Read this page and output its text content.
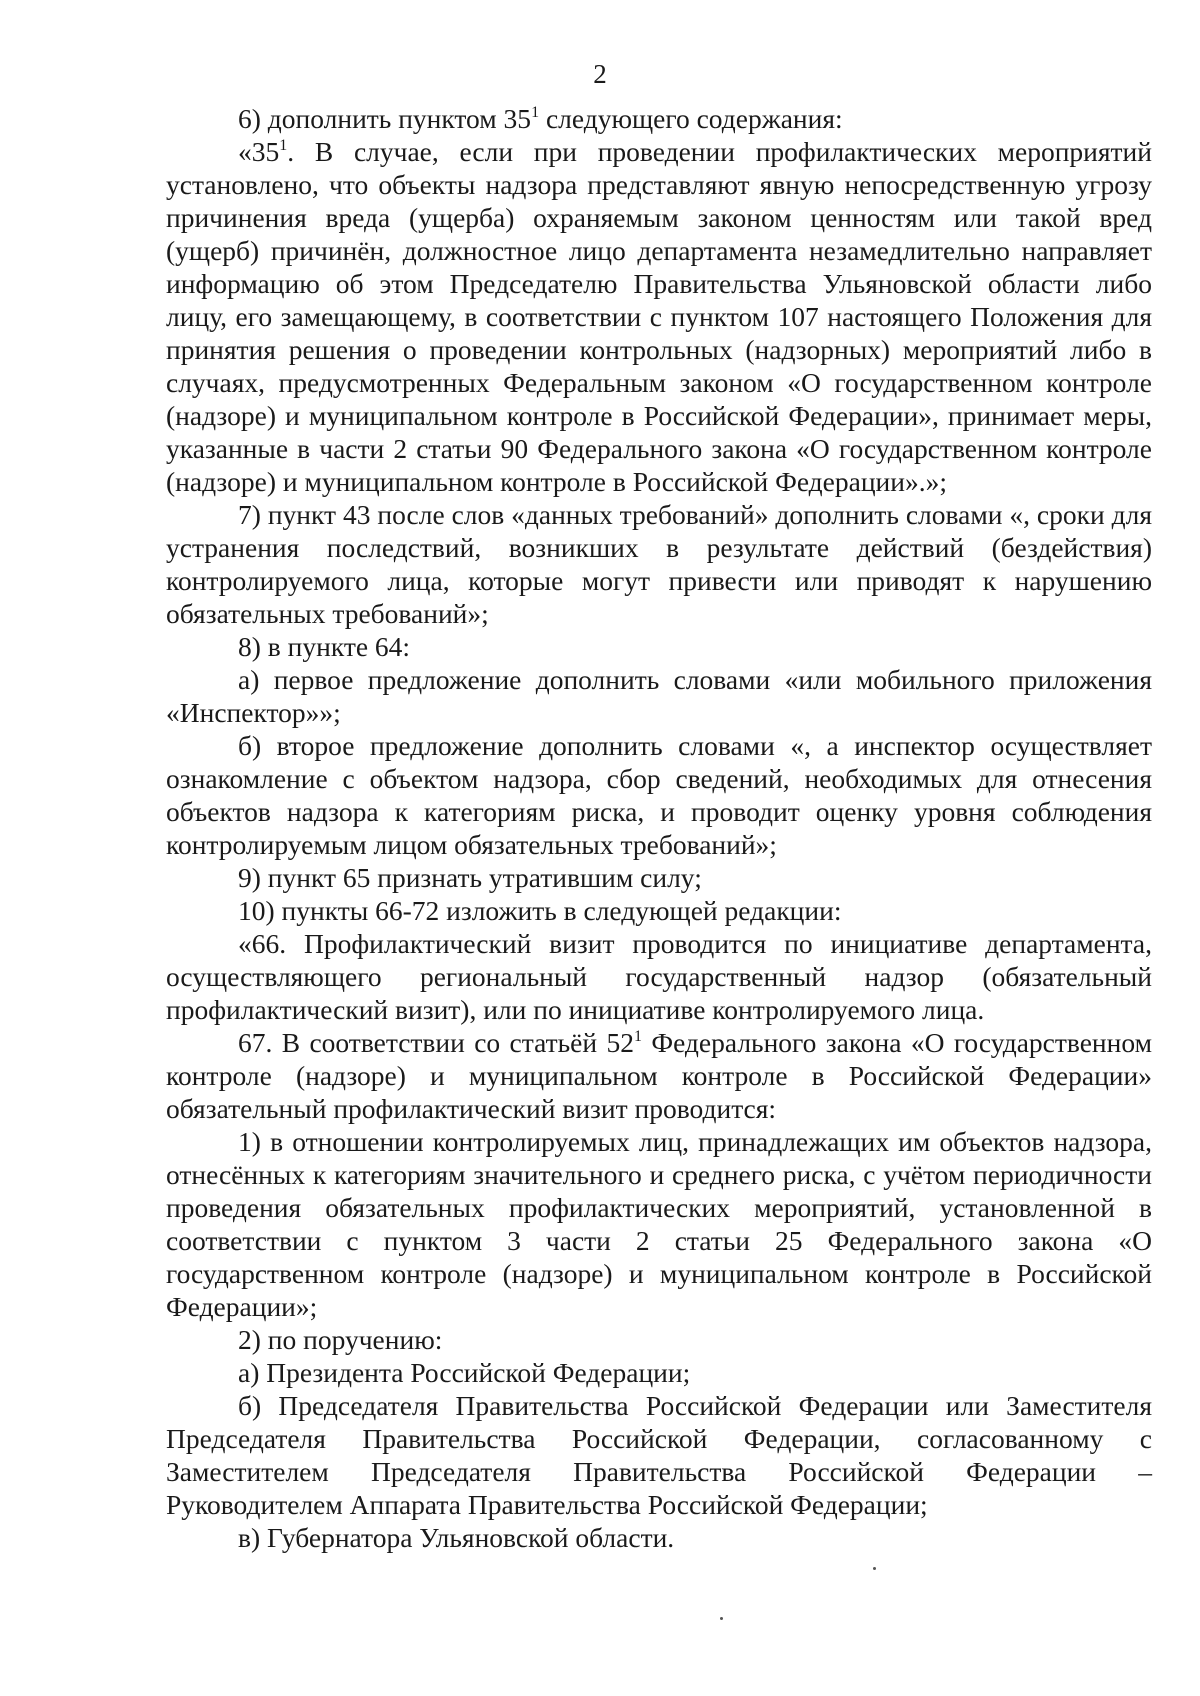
2

6) дополнить пунктом $35^1$ следующего содержания:

«$35^1$. В случае, если при проведении профилактических мероприятий установлено, что объекты надзора представляют явную непосредственную угрозу причинения вреда (ущерба) охраняемым законом ценностям или такой вред (ущерб) причинён, должностное лицо департамента незамедлительно направляет информацию об этом Председателю Правительства Ульяновской области либо лицу, его замещающему, в соответствии с пунктом 107 настоящего Положения для принятия решения о проведении контрольных (надзорных) мероприятий либо в случаях, предусмотренных Федеральным законом «О государственном контроле (надзоре) и муниципальном контроле в Российской Федерации», принимает меры, указанные в части 2 статьи 90 Федерального закона «О государственном контроле (надзоре) и муниципальном контроле в Российской Федерации».»;

7) пункт 43 после слов «данных требований» дополнить словами «, сроки для устранения последствий, возникших в результате действий (бездействия) контролируемого лица, которые могут привести или приводят к нарушению обязательных требований»;

8) в пункте 64:

а) первое предложение дополнить словами «или мобильного приложения «Инспектор»»;

б) второе предложение дополнить словами «, а инспектор осуществляет ознакомление с объектом надзора, сбор сведений, необходимых для отнесения объектов надзора к категориям риска, и проводит оценку уровня соблюдения контролируемым лицом обязательных требований»;

9) пункт 65 признать утратившим силу;

10) пункты 66-72 изложить в следующей редакции:

«66. Профилактический визит проводится по инициативе департамента, осуществляющего региональный государственный надзор (обязательный профилактический визит), или по инициативе контролируемого лица.

67. В соответствии со статьёй $52^1$ Федерального закона «О государственном контроле (надзоре) и муниципальном контроле в Российской Федерации» обязательный профилактический визит проводится:

1) в отношении контролируемых лиц, принадлежащих им объектов надзора, отнесённых к категориям значительного и среднего риска, с учётом периодичности проведения обязательных профилактических мероприятий, установленной в соответствии с пунктом 3 части 2 статьи 25 Федерального закона «О государственном контроле (надзоре) и муниципальном контроле в Российской Федерации»;

2) по поручению:

а) Президента Российской Федерации;

б) Председателя Правительства Российской Федерации или Заместителя Председателя Правительства Российской Федерации, согласованному с Заместителем Председателя Правительства Российской Федерации – Руководителем Аппарата Правительства Российской Федерации;

в) Губернатора Ульяновской области.
